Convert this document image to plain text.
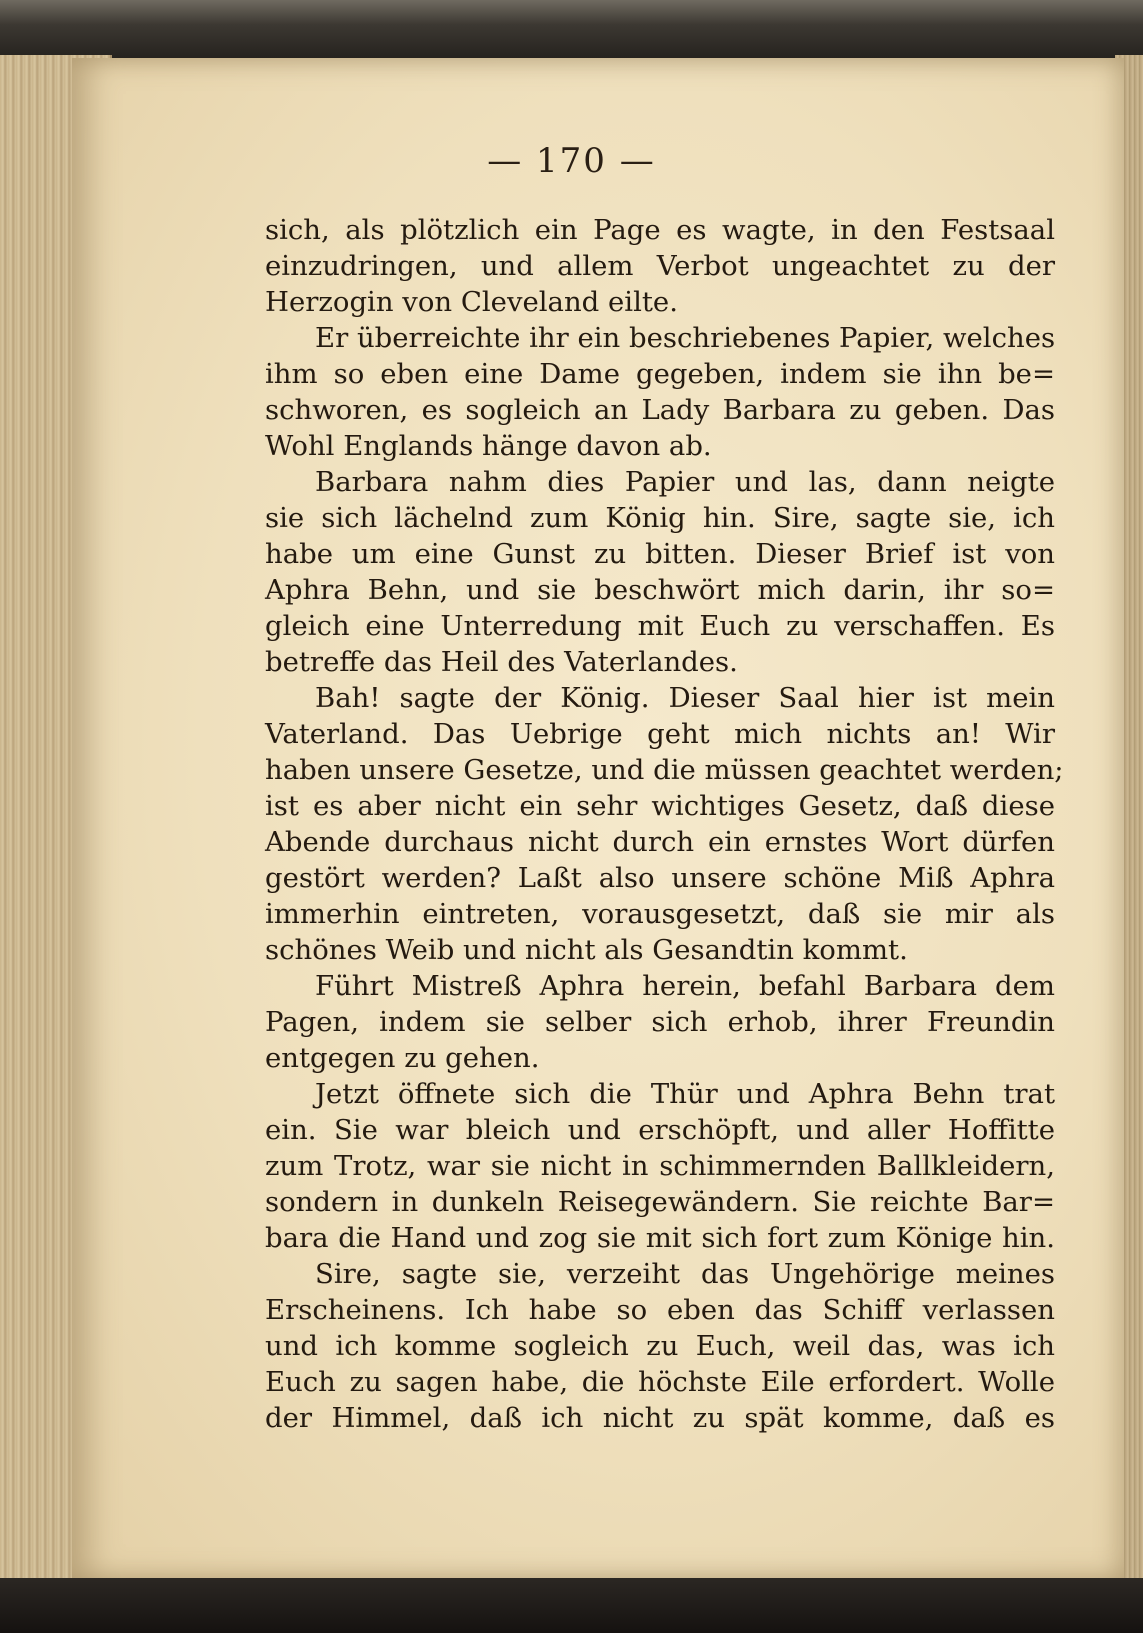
— 170 —
sich, als plötzlich ein Page es wagte, in den Festsaal
einzudringen, und allem Verbot ungeachtet zu der
Herzogin von Cleveland eilte.
Er überreichte ihr ein beschriebenes Papier, welches
ihm so eben eine Dame gegeben, indem sie ihn be=
schworen, es sogleich an Lady Barbara zu geben. Das
Wohl Englands hänge davon ab.
Barbara nahm dies Papier und las, dann neigte
sie sich lächelnd zum König hin. Sire, sagte sie, ich
habe um eine Gunst zu bitten. Dieser Brief ist von
Aphra Behn, und sie beschwört mich darin, ihr so=
gleich eine Unterredung mit Euch zu verschaffen. Es
betreffe das Heil des Vaterlandes.
Bah! sagte der König. Dieser Saal hier ist mein
Vaterland. Das Uebrige geht mich nichts an! Wir
haben unsere Gesetze, und die müssen geachtet werden;
ist es aber nicht ein sehr wichtiges Gesetz, daß diese
Abende durchaus nicht durch ein ernstes Wort dürfen
gestört werden? Laßt also unsere schöne Miß Aphra
immerhin eintreten, vorausgesetzt, daß sie mir als
schönes Weib und nicht als Gesandtin kommt.
Führt Mistreß Aphra herein, befahl Barbara dem
Pagen, indem sie selber sich erhob, ihrer Freundin
entgegen zu gehen.
Jetzt öffnete sich die Thür und Aphra Behn trat
ein. Sie war bleich und erschöpft, und aller Hoffitte
zum Trotz, war sie nicht in schimmernden Ballkleidern,
sondern in dunkeln Reisegewändern. Sie reichte Bar=
bara die Hand und zog sie mit sich fort zum Könige hin.
Sire, sagte sie, verzeiht das Ungehörige meines
Erscheinens. Ich habe so eben das Schiff verlassen
und ich komme sogleich zu Euch, weil das, was ich
Euch zu sagen habe, die höchste Eile erfordert. Wolle
der Himmel, daß ich nicht zu spät komme, daß es
